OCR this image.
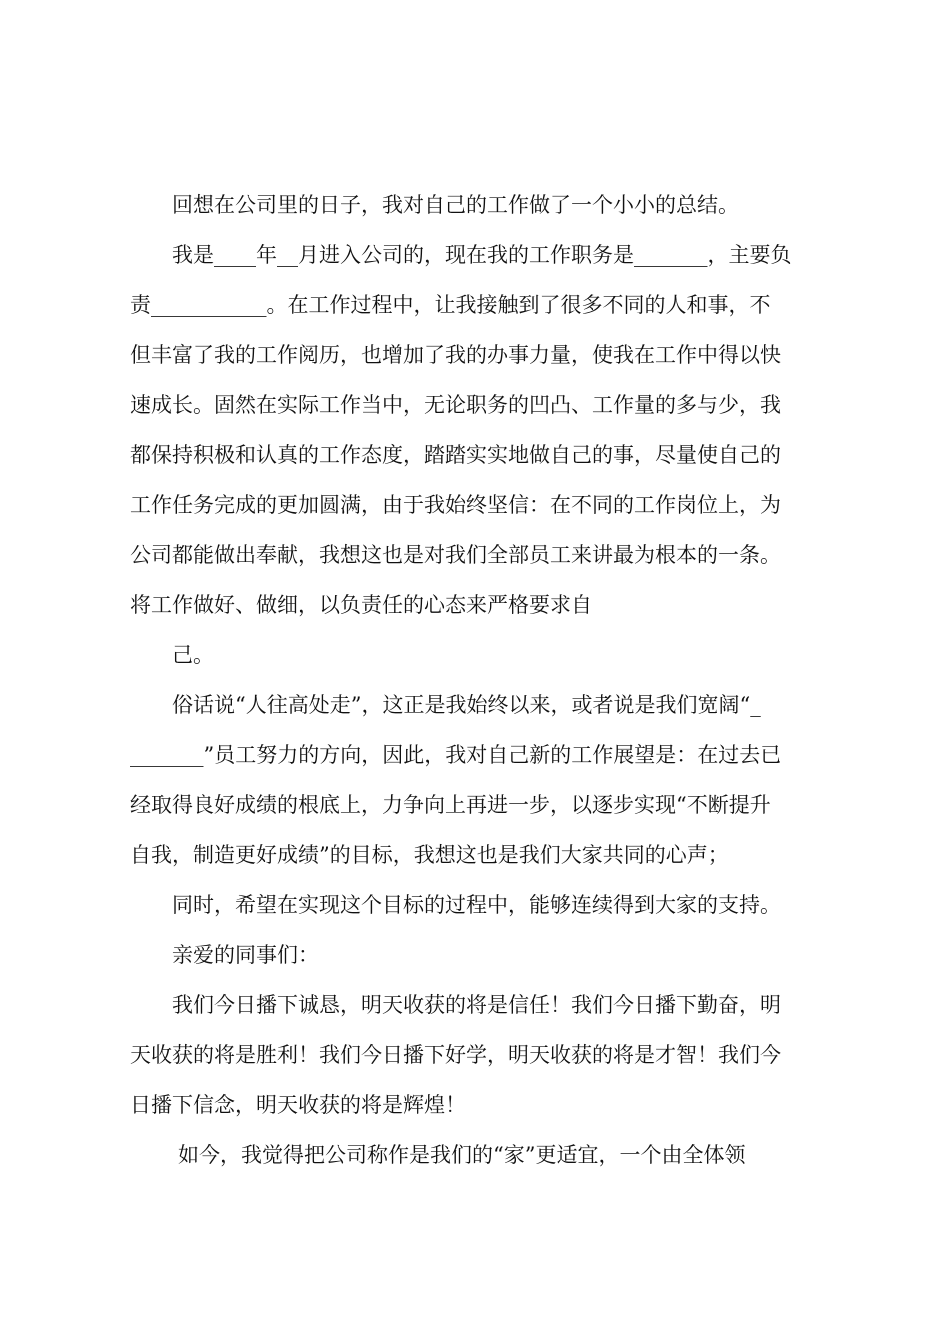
回想在公司里的日子，我对自己的工作做了一个小小的总结。
我是____年__月进入公司的，现在我的工作职务是_______，主要负
责___________。在工作过程中，让我接触到了很多不同的人和事，不
但丰富了我的工作阅历，也增加了我的办事力量，使我在工作中得以快
速成长。固然在实际工作当中，无论职务的凹凸、工作量的多与少，我
都保持积极和认真的工作态度，踏踏实实地做自己的事，尽量使自己的
工作任务完成的更加圆满，由于我始终坚信：在不同的工作岗位上，为
公司都能做出奉献，我想这也是对我们全部员工来讲最为根本的一条。
将工作做好、做细，以负责任的心态来严格要求自
己。
俗话说“人往高处走”，这正是我始终以来，或者说是我们宽阔“_
_______”员工努力的方向，因此，我对自己新的工作展望是：在过去已
经取得良好成绩的根底上，力争向上再进一步，以逐步实现“不断提升
自我，制造更好成绩”的目标，我想这也是我们大家共同的心声；
同时，希望在实现这个目标的过程中，能够连续得到大家的支持。
亲爱的同事们：
我们今日播下诚恳，明天收获的将是信任！我们今日播下勤奋，明
天收获的将是胜利！我们今日播下好学，明天收获的将是才智！我们今
日播下信念，明天收获的将是辉煌！
如今，我觉得把公司称作是我们的“家”更适宜，一个由全体领
